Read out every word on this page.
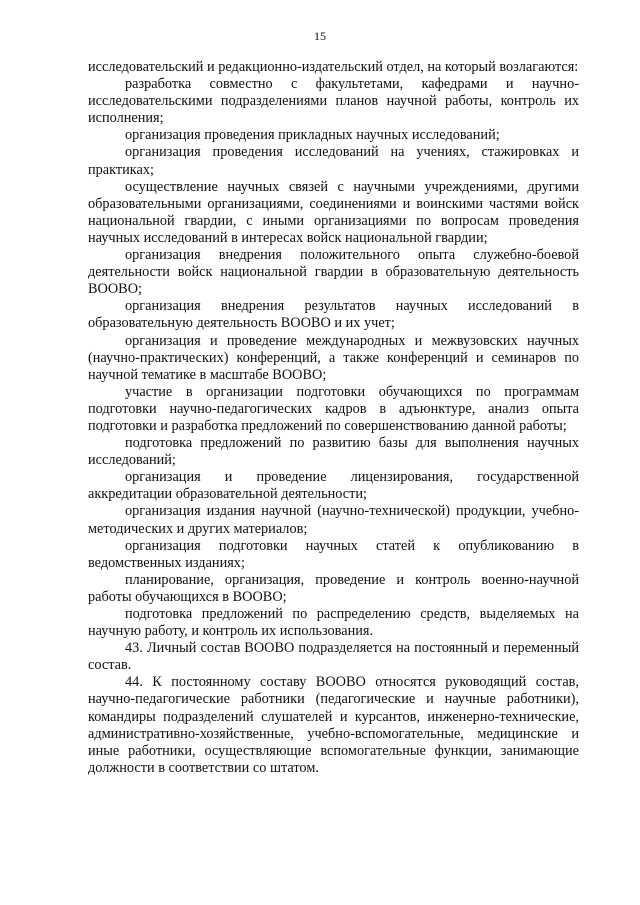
15

исследовательский и редакционно-издательский отдел, на который возлагаются:

разработка совместно с факультетами, кафедрами и научно-исследовательскими подразделениями планов научной работы, контроль их исполнения;

организация проведения прикладных научных исследований;

организация проведения исследований на учениях, стажировках и практиках;

осуществление научных связей с научными учреждениями, другими образовательными организациями, соединениями и воинскими частями войск национальной гвардии, с иными организациями по вопросам проведения научных исследований в интересах войск национальной гвардии;

организация внедрения положительного опыта служебно-боевой деятельности войск национальной гвардии в образовательную деятельность ВООВО;

организация внедрения результатов научных исследований в образовательную деятельность ВООВО и их учет;

организация и проведение международных и межвузовских научных (научно-практических) конференций, а также конференций и семинаров по научной тематике в масштабе ВООВО;

участие в организации подготовки обучающихся по программам подготовки научно-педагогических кадров в адъюнктуре, анализ опыта подготовки и разработка предложений по совершенствованию данной работы;

подготовка предложений по развитию базы для выполнения научных исследований;

организация и проведение лицензирования, государственной аккредитации образовательной деятельности;

организация издания научной (научно-технической) продукции, учебно-методических и других материалов;

организация подготовки научных статей к опубликованию в ведомственных изданиях;

планирование, организация, проведение и контроль военно-научной работы обучающихся в ВООВО;

подготовка предложений по распределению средств, выделяемых на научную работу, и контроль их использования.

43. Личный состав ВООВО подразделяется на постоянный и переменный состав.

44. К постоянному составу ВООВО относятся руководящий состав, научно-педагогические работники (педагогические и научные работники), командиры подразделений слушателей и курсантов, инженерно-технические, административно-хозяйственные, учебно-вспомогательные, медицинские и иные работники, осуществляющие вспомогательные функции, занимающие должности в соответствии со штатом.
